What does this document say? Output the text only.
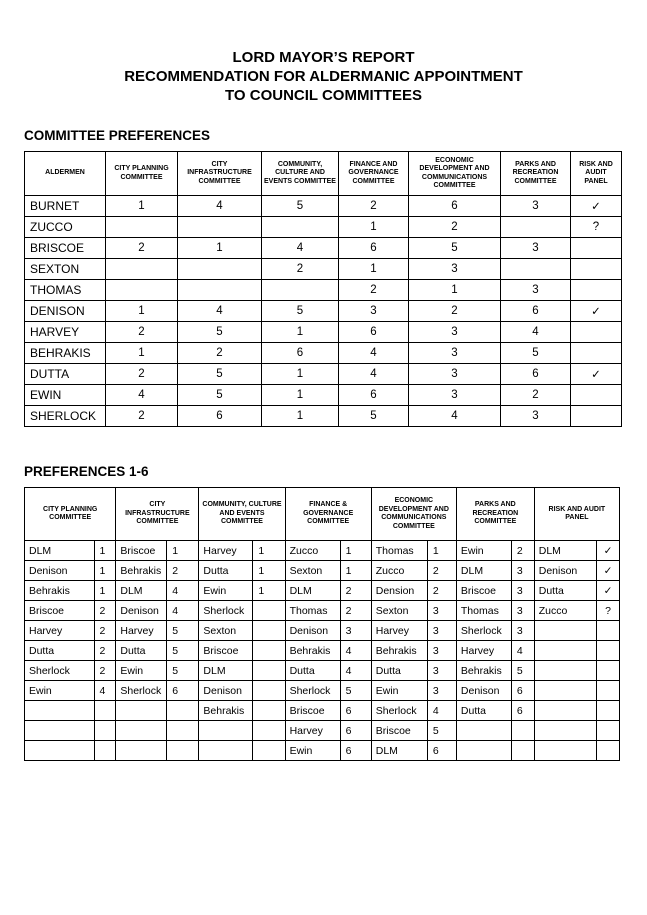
LORD MAYOR’S REPORT
RECOMMENDATION FOR ALDERMANIC APPOINTMENT
TO COUNCIL COMMITTEES
COMMITTEE PREFERENCES
ALDERMEN	CITY PLANNING COMMITTEE	CITY INFRASTRUCTURE COMMITTEE	COMMUNITY, CULTURE AND EVENTS COMMITTEE	FINANCE AND GOVERNANCE COMMITTEE	ECONOMIC DEVELOPMENT AND COMMUNICATIONS COMMITTEE	PARKS AND RECREATION COMMITTEE	RISK AND AUDIT PANEL
BURNET	1	4	5	2	6	3	✓
ZUCCO				1	2		?
BRISCOE	2	1	4	6	5	3	
SEXTON			2	1	3		
THOMAS				2	1	3	
DENISON	1	4	5	3	2	6	✓
HARVEY	2	5	1	6	3	4	
BEHRAKIS	1	2	6	4	3	5	
DUTTA	2	5	1	4	3	6	✓
EWIN	4	5	1	6	3	2	
SHERLOCK	2	6	1	5	4	3	
PREFERENCES 1-6
CITY PLANNING COMMITTEE		CITY INFRASTRUCTURE COMMITTEE		COMMUNITY, CULTURE AND EVENTS COMMITTEE		FINANCE & GOVERNANCE COMMITTEE		ECONOMIC DEVELOPMENT AND COMMUNICATIONS COMMITTEE		PARKS AND RECREATION COMMITTEE		RISK AND AUDIT PANEL	
DLM	1	Briscoe	1	Harvey	1	Zucco	1	Thomas	1	Ewin	2	DLM	✓
Denison	1	Behrakis	2	Dutta	1	Sexton	1	Zucco	2	DLM	3	Denison	✓
Behrakis	1	DLM	4	Ewin	1	DLM	2	Dension	2	Briscoe	3	Dutta	✓
Briscoe	2	Denison	4	Sherlock		Thomas	2	Sexton	3	Thomas	3	Zucco	?
Harvey	2	Harvey	5	Sexton		Denison	3	Harvey	3	Sherlock	3		
Dutta	2	Dutta	5	Briscoe		Behrakis	4	Behrakis	3	Harvey	4		
Sherlock	2	Ewin	5	DLM		Dutta	4	Dutta	3	Behrakis	5		
Ewin	4	Sherlock	6	Denison		Sherlock	5	Ewin	3	Denison	6		
				Behrakis		Briscoe	6	Sherlock	4	Dutta	6		
						Harvey	6	Briscoe	5				
						Ewin	6	DLM	6				
